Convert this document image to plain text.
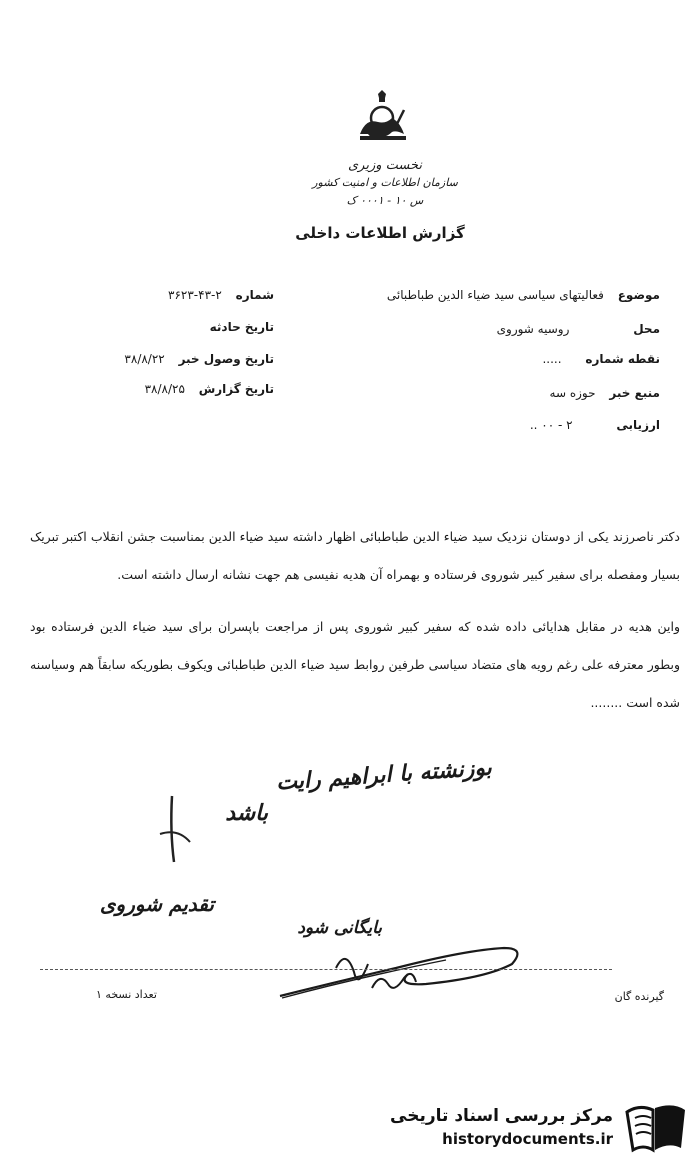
نخست وزیری
سازمان اطلاعات و امنیت کشور
س ۱۰ - ۰۰۰۱ ک
گزارش اطلاعات داخلی
موضوع فعالیتهای سیاسی سید ضیاء الدین طباطبائی
محل روسیه شوروی
نقطه شماره .....
منبع خبر حوزه سه
ارزیابی ۲ - ۰۰ ..
شماره ۲-۴۳-۳۶۲۳
تاریخ حادثه
تاریخ وصول خبر ۳۸/۸/۲۲
تاریخ گزارش ۳۸/۸/۲۵

دکتر ناصرزند یکی از دوستان نزدیک سید ضیاء الدین طباطبائی اظهار داشته سید ضیاء الدین بمناسبت جشن انقلاب اکتبر تبریک بسیار ومفصله برای سفیر کبیر شوروی فرستاده و بهمراه آن هدیه نفیسی هم جهت نشانه ارسال داشته است.

واین هدیه در مقابل هدایائی داده شده که سفیر کبیر شوروی پس از مراجعت باپسران برای سید ضیاء الدین فرستاده بود وبطور معترفه علی رغم رویه های متضاد سیاسی طرفین روابط سید ضیاء الدین طباطبائی ویکوف بطوریکه سابقاً هم وسیاسنه شده است ........

بوزنشته با ابراهیم رایت
باشد
تقدیم شوروی
بایگانی شود
تعداد نسخه ۱	گیرنده گان
مرکز بررسی اسناد تاریخی
historydocuments.ir
